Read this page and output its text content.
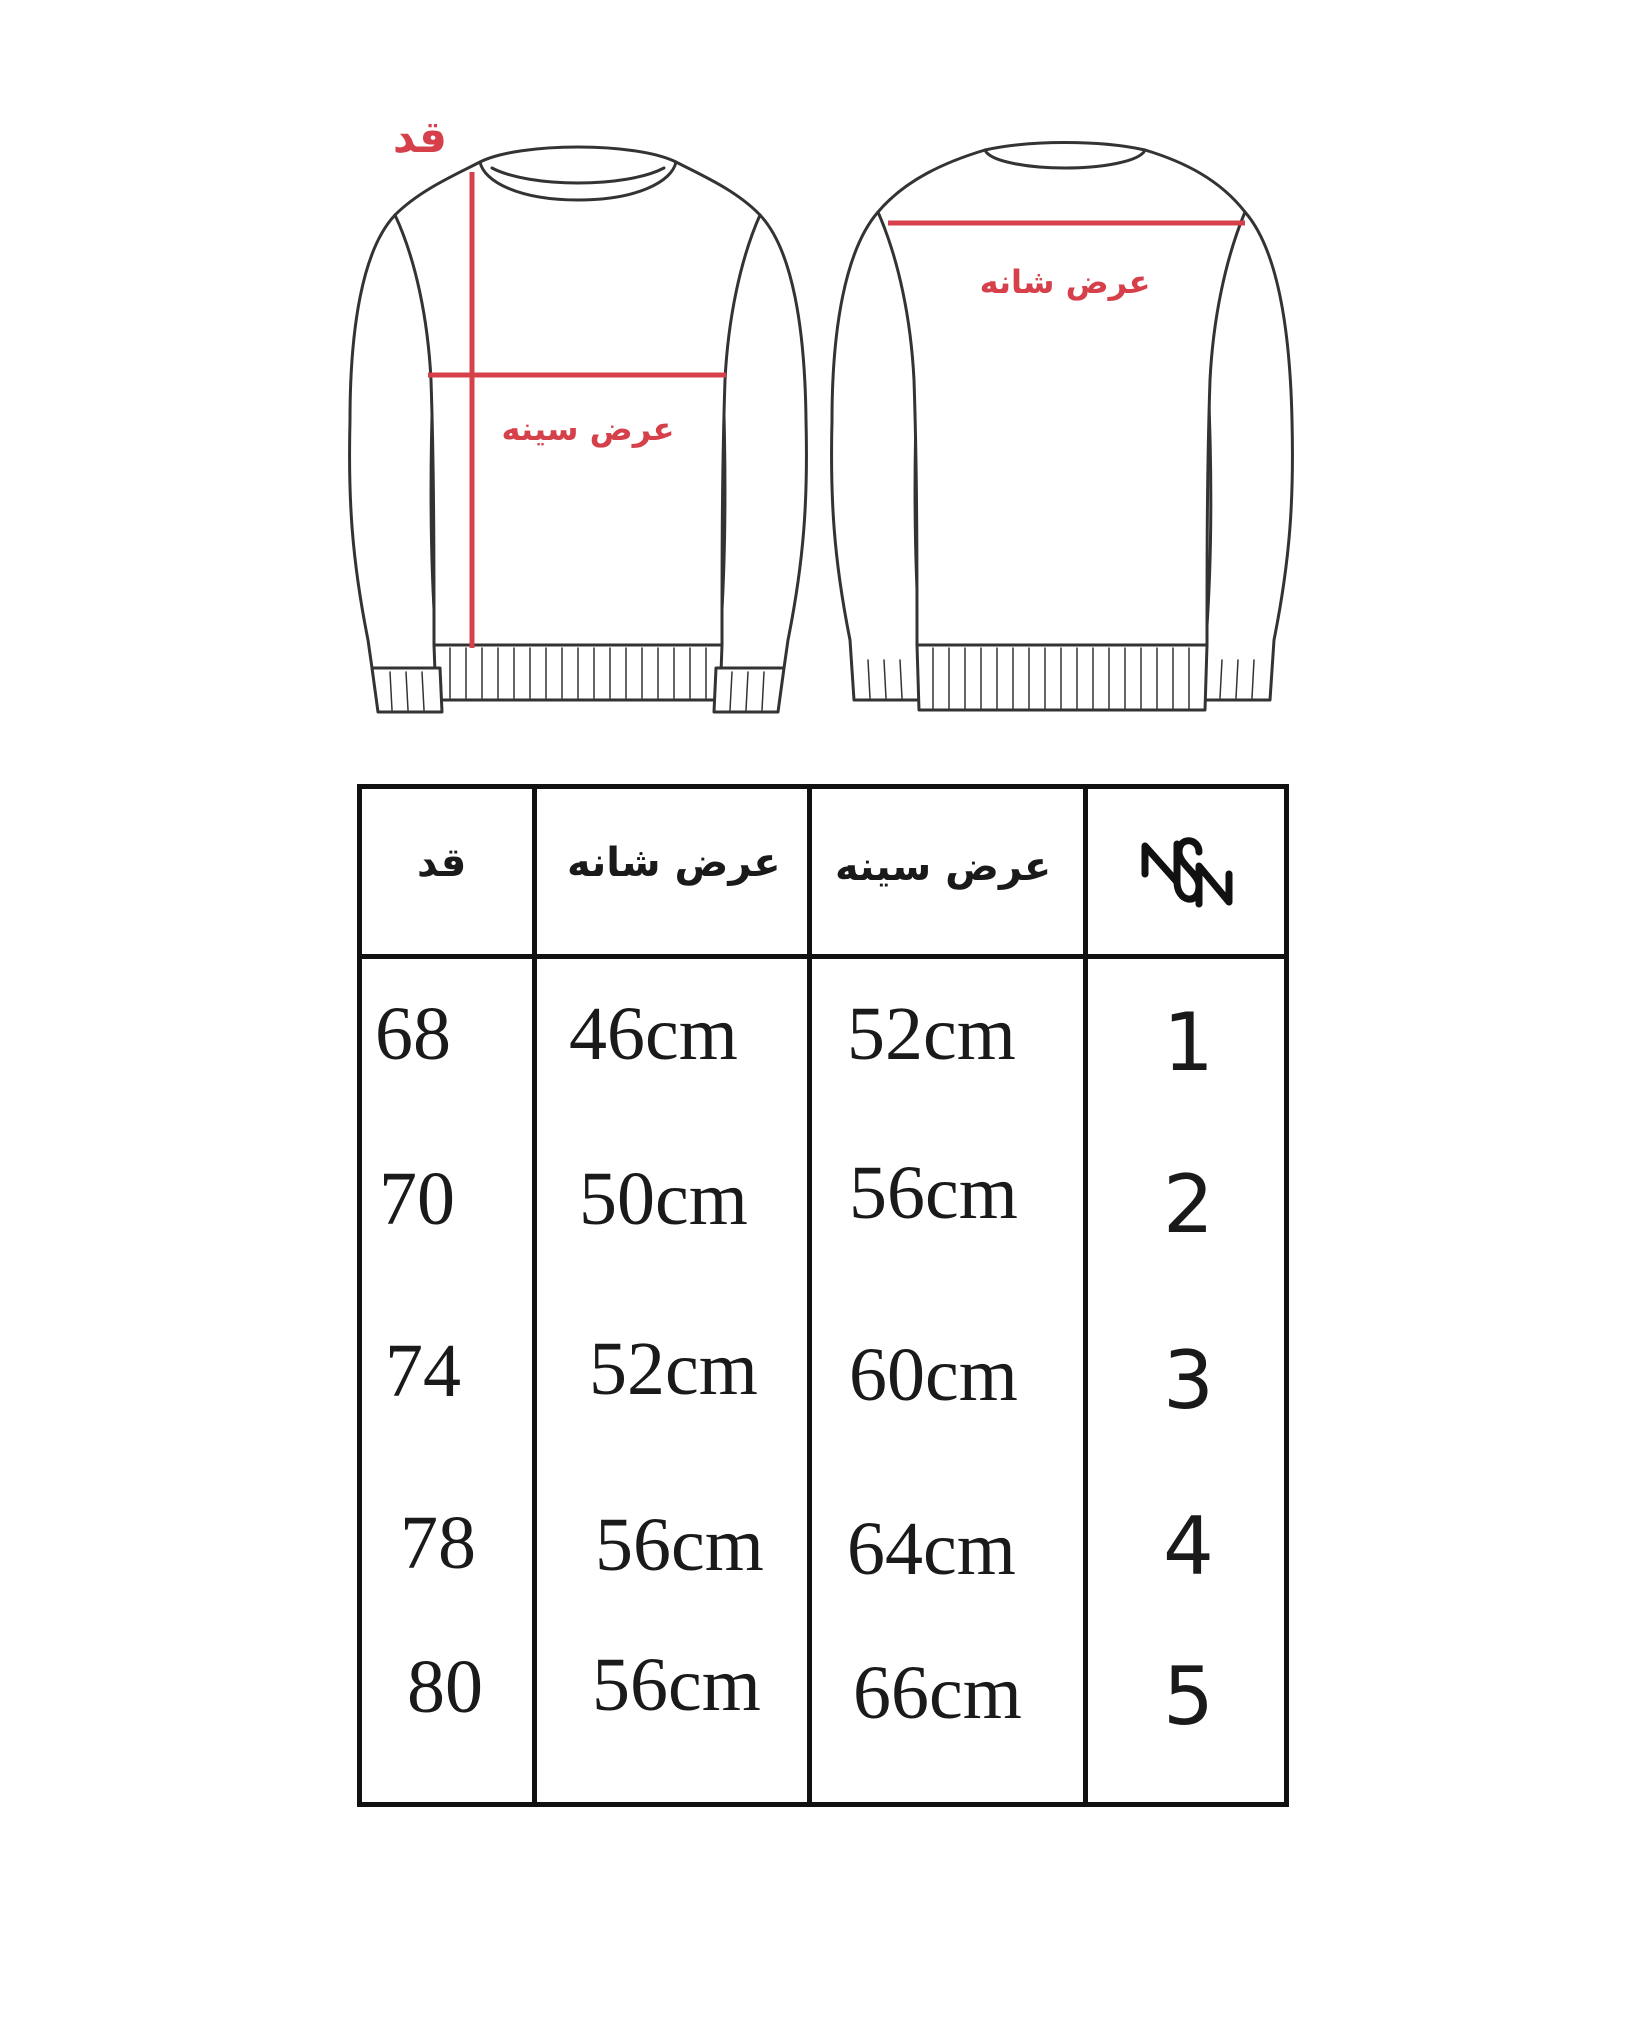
قد
عرض سینه
عرض شانه
قد	عرض شانه عرض سینه
68 46cm 52cm 1
70 50cm 56cm 2
74 52cm 60cm 3
78 56cm 64cm 4
80 56cm 66cm 5
